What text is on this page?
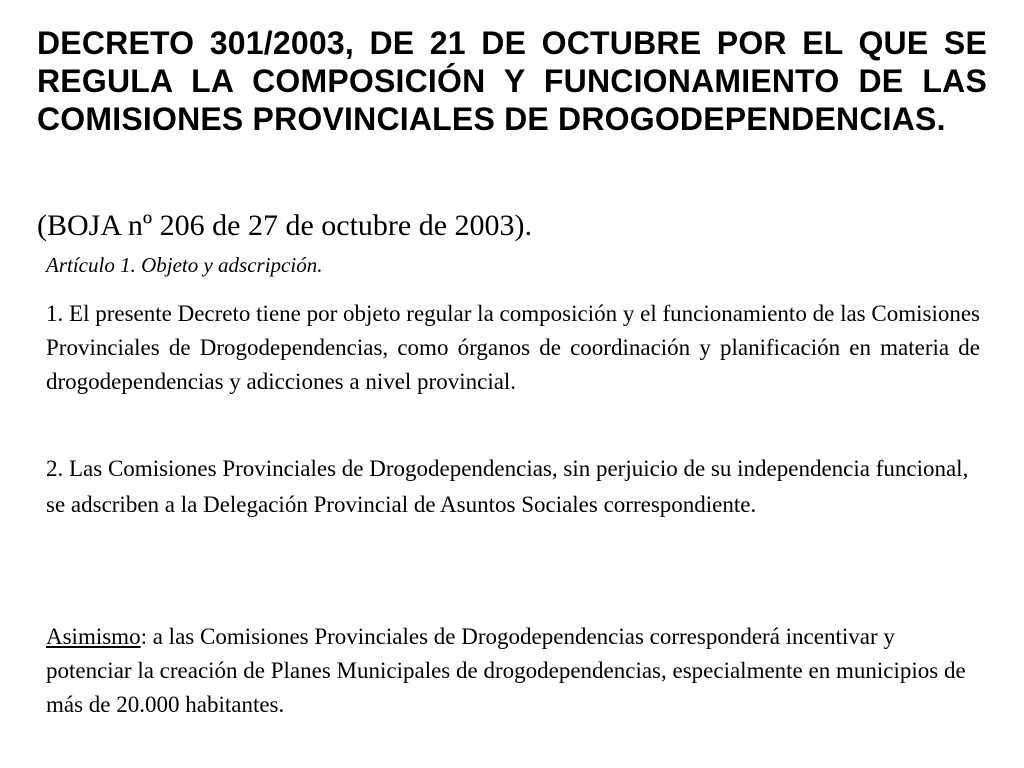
DECRETO 301/2003, DE 21 DE OCTUBRE POR EL QUE SE REGULA LA COMPOSICIÓN Y FUNCIONAMIENTO DE LAS COMISIONES PROVINCIALES DE DROGODEPENDENCIAS.

(BOJA nº 206 de 27 de octubre de 2003).

Artículo 1. Objeto y adscripción.

1. El presente Decreto tiene por objeto regular la composición y el funcionamiento de las Comisiones Provinciales de Drogodependencias, como órganos de coordinación y planificación en materia de drogodependencias y adicciones a nivel provincial.

2. Las Comisiones Provinciales de Drogodependencias, sin perjuicio de su independencia funcional, se adscriben a la Delegación Provincial de Asuntos Sociales correspondiente.

Asimismo: a las Comisiones Provinciales de Drogodependencias corresponderá incentivar y potenciar la creación de Planes Municipales de drogodependencias, especialmente en municipios de más de 20.000 habitantes.
